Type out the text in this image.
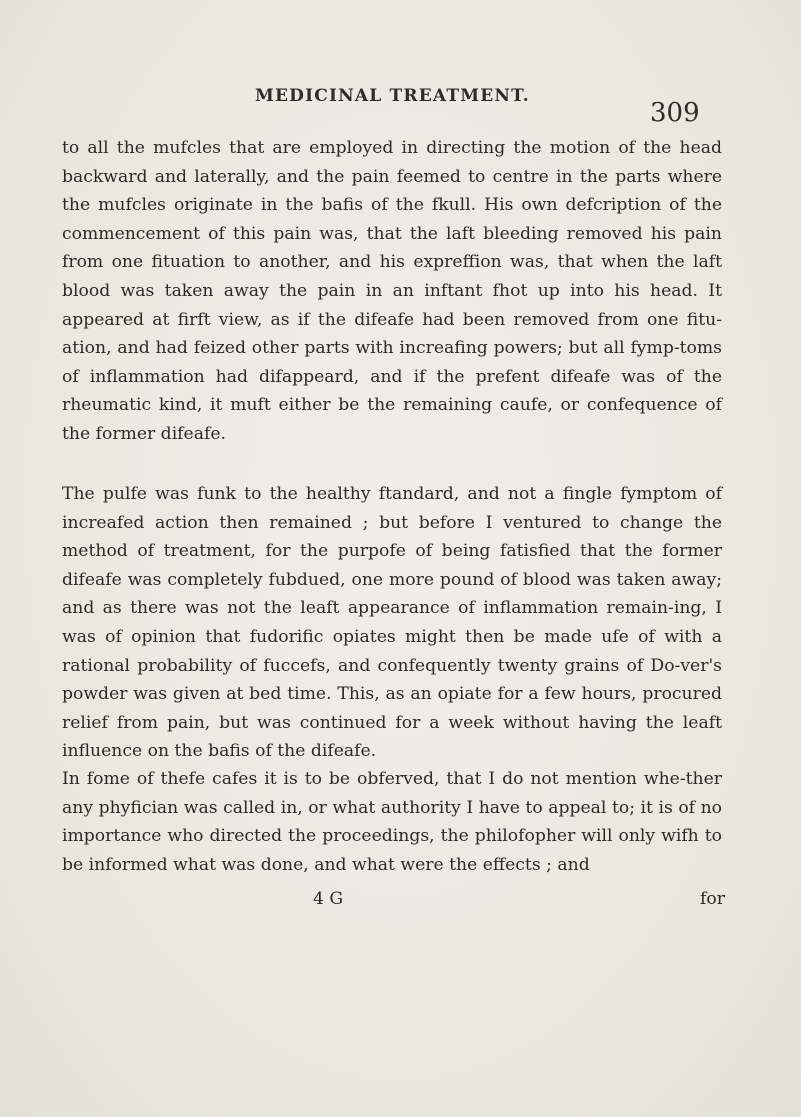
MEDICINAL TREATMENT.
309

to all the mufcles that are employed in directing the motion of the head backward and laterally, and the pain feemed to centre in the parts where the mufcles originate in the bafis of the fkull. His own defcription of the commencement of this pain was, that the laft bleeding removed his pain from one fituation to another, and his expreffion was, that when the laft blood was taken away the pain in an inftant fhot up into his head. It appeared at firft view, as if the difeafe had been removed from one fitu-ation, and had feized other parts with increafing powers; but all fymp-toms of inflammation had difappeard, and if the prefent difeafe was of the rheumatic kind, it muft either be the remaining caufe, or confequence of the former difeafe.

The pulfe was funk to the healthy ftandard, and not a fingle fymptom of increafed action then remained ; but before I ventured to change the method of treatment, for the purpofe of being fatisfied that the former difeafe was completely fubdued, one more pound of blood was taken away; and as there was not the leaft appearance of inflammation remain-ing, I was of opinion that fudorific opiates might then be made ufe of with a rational probability of fuccefs, and confequently twenty grains of Do-ver's powder was given at bed time. This, as an opiate for a few hours, procured relief from pain, but was continued for a week without having the leaft influence on the bafis of the difeafe.

In fome of thefe cafes it is to be obferved, that I do not mention whe-ther any phyfician was called in, or what authority I have to appeal to; it is of no importance who directed the proceedings, the philofopher will only wifh to be informed what was done, and what were the effects ; and

4 G	for
